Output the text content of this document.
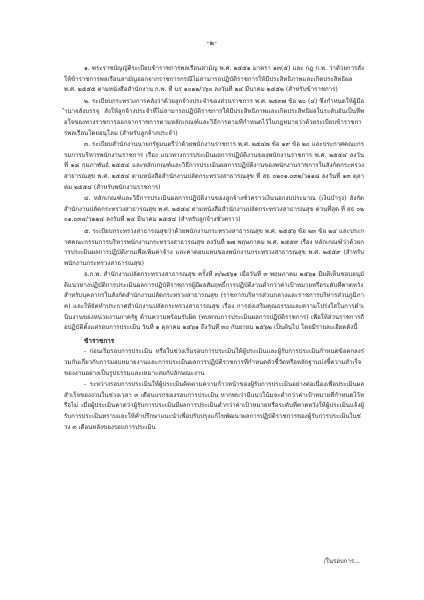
-๒-

๑. พระราชบัญญัติระเบียบข้าราชการพลเรือนสามัญ พ.ศ. ๒๕๕๑ มาตรา ๑๓(๕) และ กฎ ก.พ. ว่าด้วยการสั่งให้ข้าราชการพลเรือนสามัญออกจากราชการกรณีไม่สามารถปฏิบัติราชการให้มีประสิทธิภาพและเกิดประสิทธิผล พ.ศ. ๒๕๕๕ ตามหนังสือสำนักงาน ก.พ. ที่ นร ๑๐๑๒/ว๖๐ ลงวันที่ ๒๔ มีนาคม ๒๕๕๒ (สำหรับข้าราชการ)

๒. ระเบียบกระทรวงการคลังว่าด้วยลูกจ้างประจำของส่วนราชการ พ.ศ. ๒๕๓๗ ข้อ ๒๐ (๔) ซึ่งกำหนดให้ผู้มีอำนาจสั่งบรรจุ สั่งให้ลูกจ้างประจำที่ไม่สามารถปฏิบัติราชการให้มีประสิทธิภาพและเกิดประสิทธิผลในระดับอันเป็นที่พอใจของทางราชการออกจากราชการตามหลักเกณฑ์และวิธีการตามที่กำหนดไว้ในกฎหมายว่าด้วยระเบียบข้าราชการพลเรือนโดยอนุโลม (สำหรับลูกจ้างประจำ)

๓. ระเบียบสำนักงานนายกรัฐมนตรีว่าด้วยพนักงานราชการ พ.ศ. ๒๕๔๗ ข้อ ๑๙ ข้อ ๒๐ และประกาศคณะกรรมการบริหารพนักงานราชการ เรื่อง แนวทางการประเมินผลการปฏิบัติงานของพนักงานราชการ พ.ศ. ๒๕๕๔ ลงวันที่ ๑๘ กุมภาพันธ์ ๒๕๕๔ และหลักเกณฑ์และวิธีการประเมินผลการปฏิบัติงานของพนักงานราชการในสังกัดกระทรวงสาธารณสุข พ.ศ. ๒๕๕๔ ตามหนังสือสำนักงานปลัดกระทรวงสาธารณสุข ที่ สธ ๐๒๐๑.๐๓๒/ว๑๑๘ ลงวันที่ ๑๓ ตุลาคม ๒๕๕๔ (สำหรับพนักงานราชการ)

๔. หลักเกณฑ์และวิธีการประเมินผลการปฏิบัติงานของลูกจ้างชั่วคราวเงินนอกงบประมาณ (เงินบำรุง) สังกัดสำนักงานปลัดกระทรวงสาธารณสุข พ.ศ. ๒๕๕๔ ตามหนังสือสำนักงานปลัดกระทรวงสาธารณสุข ด่วนที่สุด ที่ สธ ๐๒๐๑.๐๓๔/ว๒๒๔ ลงวันที่ ๒๔ มีนาคม ๒๕๕๔ (สำหรับลูกจ้างชั่วคราว)

๕. ระเบียบกระทรวงสาธารณสุขว่าด้วยพนักงานกระทรวงสาธารณสุข พ.ศ. ๒๕๕๖ ข้อ ๒๓ ข้อ ๒๔ และประกาศคณะกรรมการบริหารพนักงานกระทรวงสาธารณสุข ลงวันที่ ๒๗ พฤษภาคม พ.ศ. ๒๕๕๙ เรื่อง หลักเกณฑ์ว่าด้วยการประเมินผลการปฏิบัติงานเพื่อเพิ่มค่าจ้าง และค่าตอบแทนของพนักงานกระทรวงสาธารณสุข พ.ศ. ๒๕๕๙ (สำหรับพนักงานกระทรวงสาธารณสุข)

อ.ก.พ. สำนักงานปลัดกระทรวงสาธารณสุข ครั้งที่ ๓/๒๕๖๑ เมื่อวันที่ ๓ พฤษภาคม ๒๕๖๑ มีมติเห็นชอบอนุมัติแนวทางปฏิบัติการประเมินผลการปฏิบัติราชการผู้มีผลสัมฤทธิ์การปฏิบัติงานต่ำกว่าค่าเป้าหมายหรือระดับที่คาดหวังสำหรับบุคลากรในสังกัดสำนักงานปลัดกระทรวงสาธารณสุข (ราชการบริหารส่วนกลางและราชการบริหารส่วนภูมิภาค) และให้จัดทำประกาศสำนักงานปลัดกระทรวงสาธารณสุข เรื่อง การส่งเสริมคุณธรรมและความโปร่งใสในการดำเนินงานของหน่วยงานภาครัฐ ด้านความพร้อมรับผิด (ทบทวนการประเมินผลการปฏิบัติราชการ) เพื่อให้ส่วนราชการถือปฏิบัติตั้งแต่รอบการประเมิน วันที่ ๑ ตุลาคม ๒๕๖๑ ถึงวันที่ ๓๐ กันยายน ๒๕๖๒ เป็นต้นไป โดยมีรายละเอียดดังนี้

ข้าราชการ

- ก่อนเริ่มรอบการประเมิน หรือในช่วงเริ่มรอบการประเมินให้ผู้ประเมินและผู้รับการประเมินกำหนดข้อตกลงร่วมกันเกี่ยวกับการมอบหมายงานและการประเมินผลการปฏิบัติราชการที่กำหนดตัวชี้วัดหรือหลักฐานบ่งชี้ความสำเร็จของงานอย่างเป็นรูปธรรมและเหมาะสมกับลักษณะงาน

- ระหว่างรอบการประเมินให้ผู้ประเมินติดตามความก้าวหน้าของผู้รับการประเมินอย่างต่อเนื่องเพื่อประเมินผลสำเร็จของงานในช่วงเวลา ๓ เดือนแรกของรอบการประเมิน หากพบว่ามีแนวโน้มจะต่ำกว่าค่าเป้าหมายที่กำหนดไว้หรือไม่ เมื่อผู้ประเมินคาดว่าผู้รับการประเมินมีผลการประเมินต่ำกว่าค่าเป้าหมายหรือระดับที่คาดหวังให้ผู้ประเมินแจ้งผู้รับการประเมินทราบและให้คำปรึกษาแนะนำเพื่อปรับปรุงแก้ไขพัฒนาผลการปฏิบัติราชการของผู้รับการประเมินในช่วง ๓ เดือนหลังของรอบการประเมิน

/ในรอบการ...
